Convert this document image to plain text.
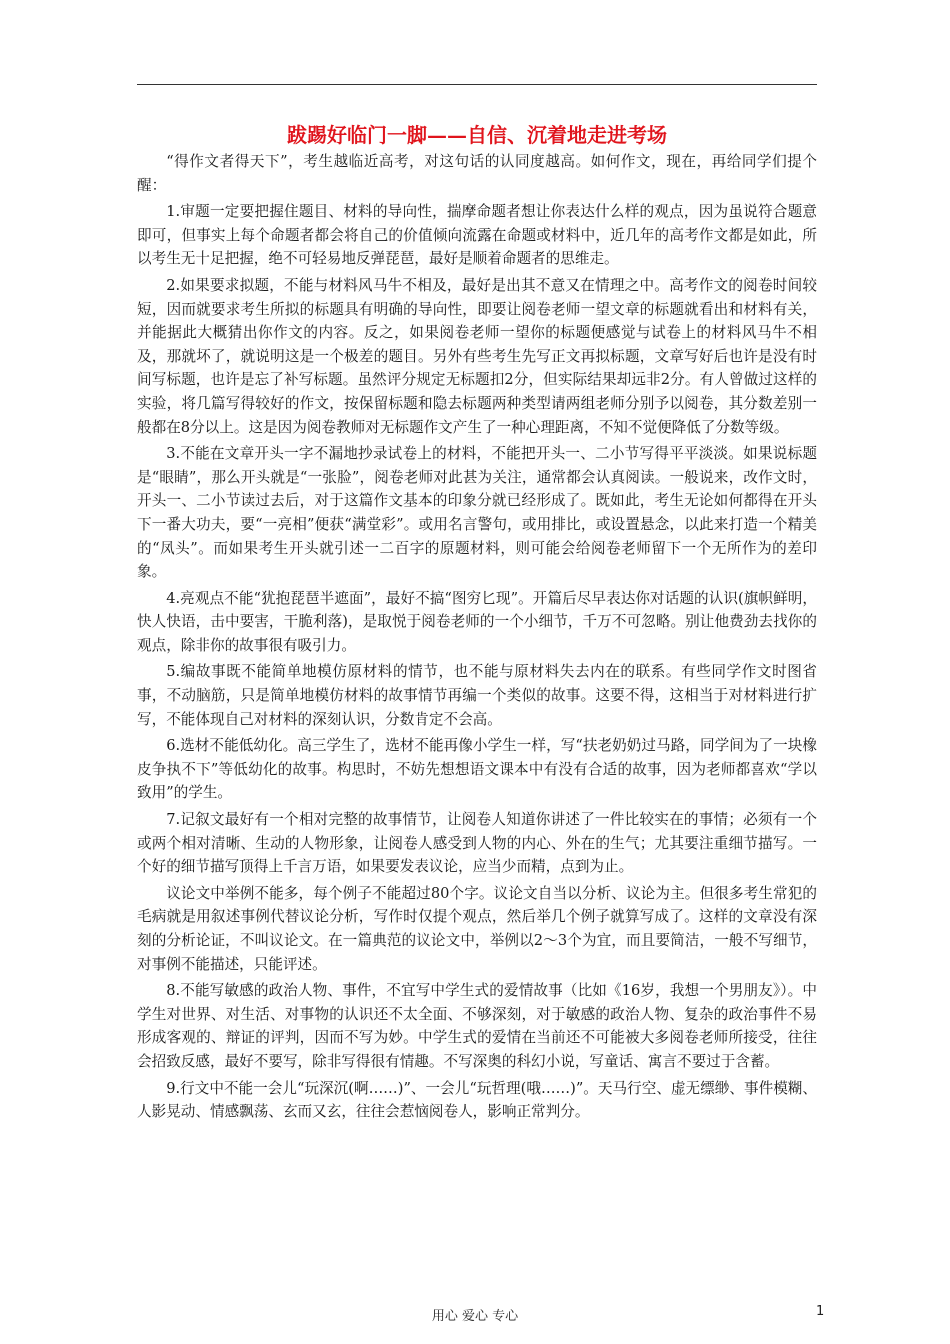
跋踢好临门一脚——自信、沉着地走进考场

“得作文者得天下”，考生越临近高考，对这句话的认同度越高。如何作文，现在，再给同学们提个醒：

1.审题一定要把握住题目、材料的导向性，揣摩命题者想让你表达什么样的观点，因为虽说符合题意即可，但事实上每个命题者都会将自己的价值倾向流露在命题或材料中，近几年的高考作文都是如此，所以考生无十足把握，绝不可轻易地反弹琵琶，最好是顺着命题者的思维走。

2.如果要求拟题，不能与材料风马牛不相及，最好是出其不意又在情理之中。高考作文的阅卷时间较短，因而就要求考生所拟的标题具有明确的导向性，即要让阅卷老师一望文章的标题就看出和材料有关，并能据此大概猜出你作文的内容。反之，如果阅卷老师一望你的标题便感觉与试卷上的材料风马牛不相及，那就坏了，就说明这是一个极差的题目。另外有些考生先写正文再拟标题，文章写好后也许是没有时间写标题，也许是忘了补写标题。虽然评分规定无标题扣2分，但实际结果却远非2分。有人曾做过这样的实验，将几篇写得较好的作文，按保留标题和隐去标题两种类型请两组老师分别予以阅卷，其分数差别一般都在8分以上。这是因为阅卷教师对无标题作文产生了一种心理距离，不知不觉便降低了分数等级。

3.不能在文章开头一字不漏地抄录试卷上的材料，不能把开头一、二小节写得平平淡淡。如果说标题是“眼睛”，那么开头就是“一张脸”，阅卷老师对此甚为关注，通常都会认真阅读。一般说来，改作文时，开头一、二小节读过去后，对于这篇作文基本的印象分就已经形成了。既如此，考生无论如何都得在开头下一番大功夫，要“一亮相”便获“满堂彩”。或用名言警句，或用排比，或设置悬念，以此来打造一个精美的“凤头”。而如果考生开头就引述一二百字的原题材料，则可能会给阅卷老师留下一个无所作为的差印象。

4.亮观点不能“犹抱琵琶半遮面”，最好不搞“图穷匕现”。开篇后尽早表达你对话题的认识(旗帜鲜明，快人快语，击中要害，干脆利落)，是取悦于阅卷老师的一个小细节，千万不可忽略。别让他费劲去找你的观点，除非你的故事很有吸引力。

5.编故事既不能简单地模仿原材料的情节，也不能与原材料失去内在的联系。有些同学作文时图省事，不动脑筋，只是简单地模仿材料的故事情节再编一个类似的故事。这要不得，这相当于对材料进行扩写，不能体现自己对材料的深刻认识，分数肯定不会高。

6.选材不能低幼化。高三学生了，选材不能再像小学生一样，写“扶老奶奶过马路，同学间为了一块橡皮争执不下”等低幼化的故事。构思时，不妨先想想语文课本中有没有合适的故事，因为老师都喜欢“学以致用”的学生。

7.记叙文最好有一个相对完整的故事情节，让阅卷人知道你讲述了一件比较实在的事情；必须有一个或两个相对清晰、生动的人物形象，让阅卷人感受到人物的内心、外在的生气；尤其要注重细节描写。一个好的细节描写顶得上千言万语，如果要发表议论，应当少而精，点到为止。

议论文中举例不能多，每个例子不能超过80个字。议论文自当以分析、议论为主。但很多考生常犯的毛病就是用叙述事例代替议论分析，写作时仅提个观点，然后举几个例子就算写成了。这样的文章没有深刻的分析论证，不叫议论文。在一篇典范的议论文中，举例以2～3个为宜，而且要简洁，一般不写细节，对事例不能描述，只能评述。

8.不能写敏感的政治人物、事件，不宜写中学生式的爱情故事（比如《16岁，我想一个男朋友》）。中学生对世界、对生活、对事物的认识还不太全面、不够深刻，对于敏感的政治人物、复杂的政治事件不易形成客观的、辩证的评判，因而不写为妙。中学生式的爱情在当前还不可能被大多阅卷老师所接受，往往会招致反感，最好不要写，除非写得很有情趣。不写深奥的科幻小说，写童话、寓言不要过于含蓄。

9.行文中不能一会儿“玩深沉(啊……)”、一会儿“玩哲理(哦……)”。天马行空、虚无缥缈、事件模糊、人影晃动、情感飘荡、玄而又玄，往往会惹恼阅卷人，影响正常判分。

用心 爱心 专心	1
